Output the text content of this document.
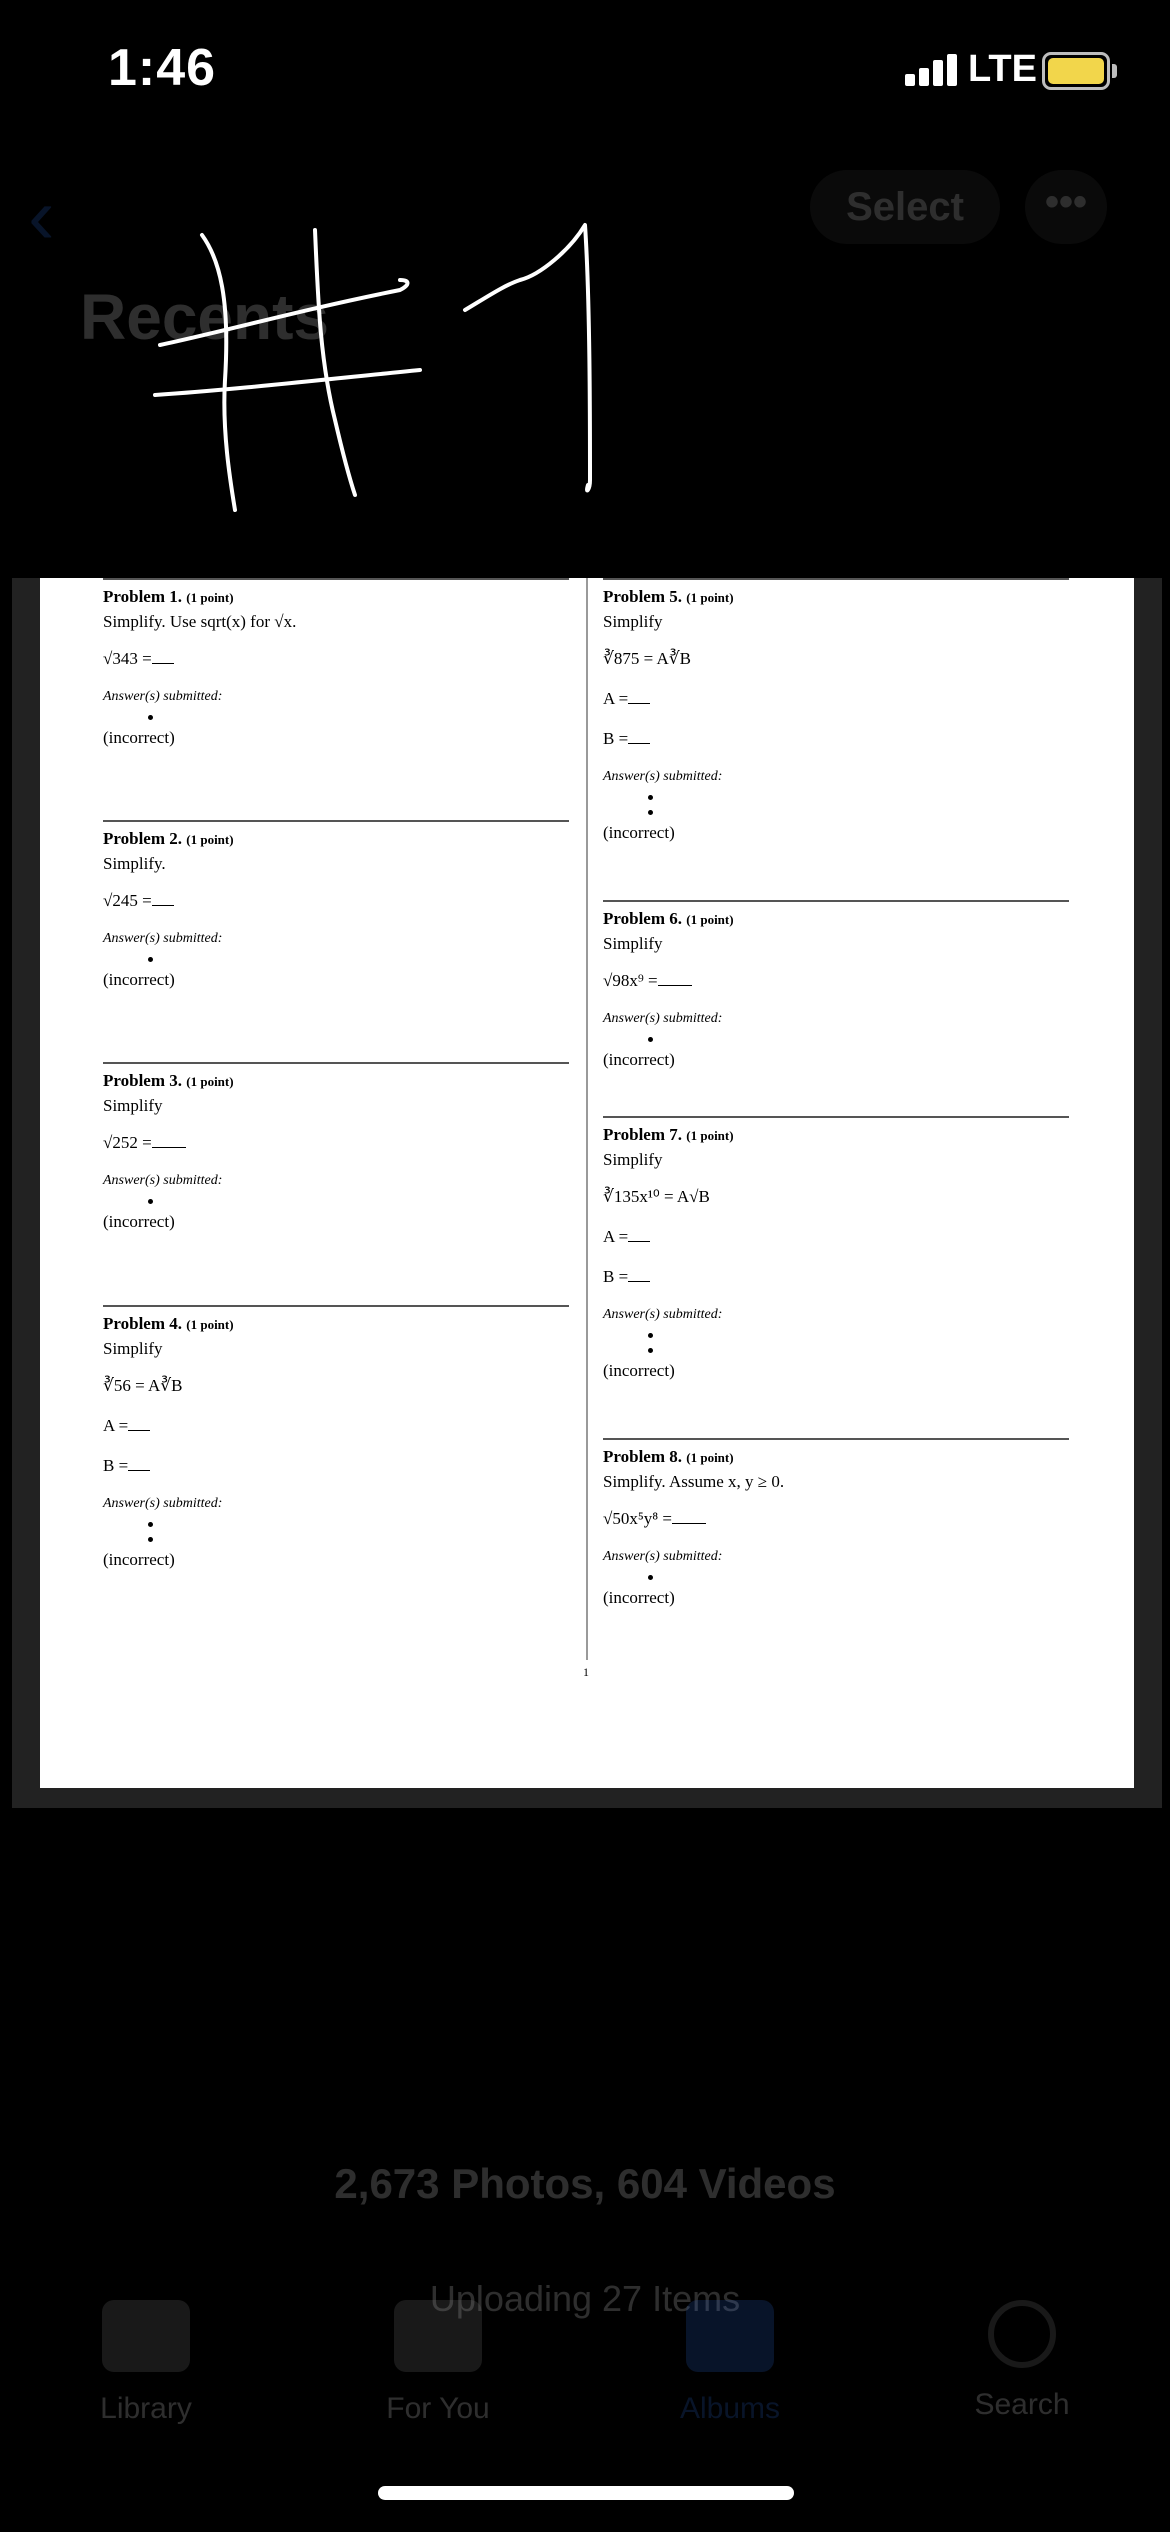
1:46	LTE
‹	Select	•••
Recents
Problem 1. (1 point)
Simplify. Use sqrt(x) for √x.
√343 =
Answer(s) submitted:
(incorrect)
Problem 2. (1 point)
Simplify.
√245 =
Answer(s) submitted:
(incorrect)
Problem 3. (1 point)
Simplify
√252 =
Answer(s) submitted:
(incorrect)
Problem 4. (1 point)
Simplify
∛56 = A∛B
A =
B =
Answer(s) submitted:
(incorrect)
Problem 5. (1 point)
Simplify
∛875 = A∛B
A =
B =
Answer(s) submitted:
(incorrect)
Problem 6. (1 point)
Simplify
√98x⁹ =
Answer(s) submitted:
(incorrect)
Problem 7. (1 point)
Simplify
∛135x¹⁰ = A√B
A =
B =
Answer(s) submitted:
(incorrect)
Problem 8. (1 point)
Simplify. Assume x, y ≥ 0.
√50x⁵y⁸ =
Answer(s) submitted:
(incorrect)
1
2,673 Photos, 604 Videos
Uploading 27 Items
Library	For You	Albums	Search
